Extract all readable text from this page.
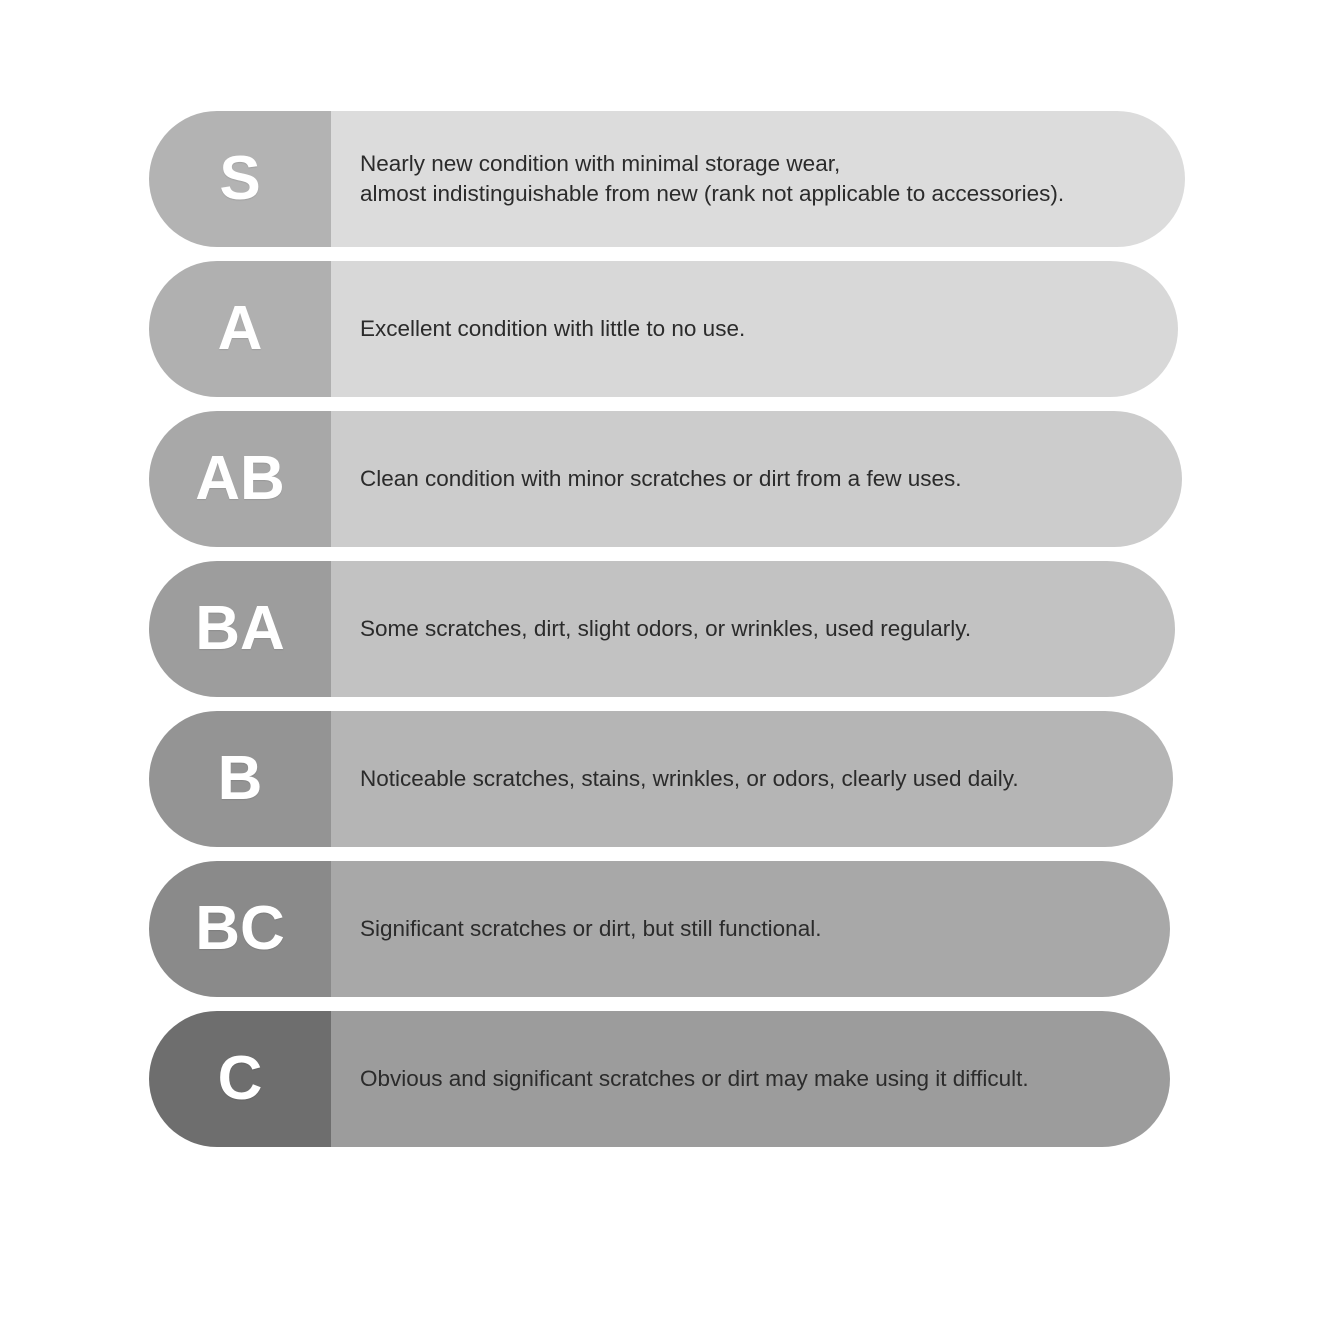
S	Nearly new condition with minimal storage wear,
almost indistinguishable from new (rank not applicable to accessories).
A	Excellent condition with little to no use.
AB	Clean condition with minor scratches or dirt from a few uses.
BA	Some scratches, dirt, slight odors, or wrinkles, used regularly.
B	Noticeable scratches, stains, wrinkles, or odors, clearly used daily.
BC	Significant scratches or dirt, but still functional.
C	Obvious and significant scratches or dirt may make using it difficult.
